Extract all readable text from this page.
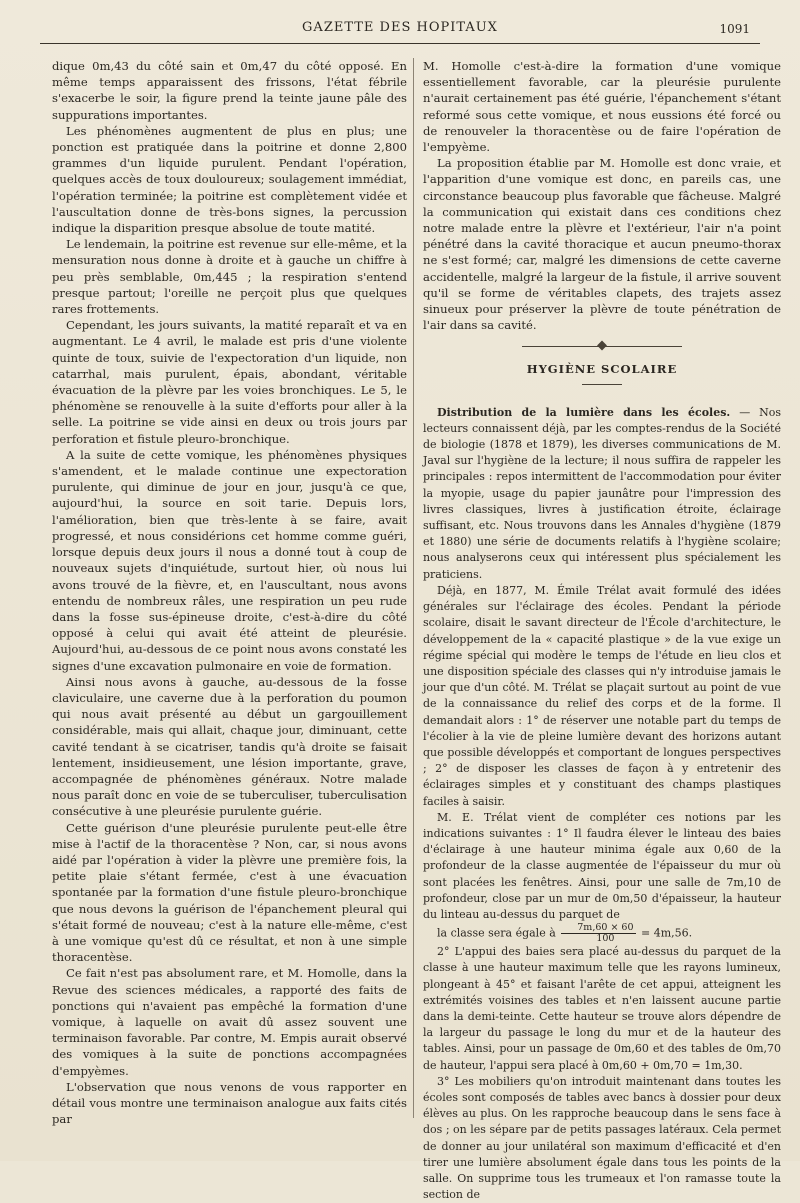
GAZETTE DES HOPITAUX	1091

dique 0m,43 du côté sain et 0m,47 du côté opposé. En même temps apparaissent des frissons, l'état fébrile s'exacerbe le soir, la figure prend la teinte jaune pâle des suppurations importantes.

Les phénomènes augmentent de plus en plus; une ponction est pratiquée dans la poitrine et donne 2,800 grammes d'un liquide purulent. Pendant l'opération, quelques accès de toux douloureux; soulagement immédiat, l'opération terminée; la poitrine est complètement vidée et l'auscultation donne de très-bons signes, la percussion indique la disparition presque absolue de toute matité.

Le lendemain, la poitrine est revenue sur elle-même, et la mensuration nous donne à droite et à gauche un chiffre à peu près semblable, 0m,445 ; la respiration s'entend presque partout; l'oreille ne perçoit plus que quelques rares frottements.

Cependant, les jours suivants, la matité reparaît et va en augmentant. Le 4 avril, le malade est pris d'une violente quinte de toux, suivie de l'expectoration d'un liquide, non catarrhal, mais purulent, épais, abondant, véritable évacuation de la plèvre par les voies bronchiques. Le 5, le phénomène se renouvelle à la suite d'efforts pour aller à la selle. La poitrine se vide ainsi en deux ou trois jours par perforation et fistule pleuro-bronchique.

A la suite de cette vomique, les phénomènes physiques s'amendent, et le malade continue une expectoration purulente, qui diminue de jour en jour, jusqu'à ce que, aujourd'hui, la source en soit tarie. Depuis lors, l'amélioration, bien que très-lente à se faire, avait progressé, et nous considérions cet homme comme guéri, lorsque depuis deux jours il nous a donné tout à coup de nouveaux sujets d'inquiétude, surtout hier, où nous lui avons trouvé de la fièvre, et, en l'auscultant, nous avons entendu de nombreux râles, une respiration un peu rude dans la fosse sus-épineuse droite, c'est-à-dire du côté opposé à celui qui avait été atteint de pleurésie. Aujourd'hui, au-dessous de ce point nous avons constaté les signes d'une excavation pulmonaire en voie de formation.

Ainsi nous avons à gauche, au-dessous de la fosse claviculaire, une caverne due à la perforation du poumon qui nous avait présenté au début un gargouillement considérable, mais qui allait, chaque jour, diminuant, cette cavité tendant à se cicatriser, tandis qu'à droite se faisait lentement, insidieusement, une lésion importante, grave, accompagnée de phénomènes généraux. Notre malade nous paraît donc en voie de se tuberculiser, tuberculisation consécutive à une pleurésie purulente guérie.

Cette guérison d'une pleurésie purulente peut-elle être mise à l'actif de la thoracentèse ? Non, car, si nous avons aidé par l'opération à vider la plèvre une première fois, la petite plaie s'étant fermée, c'est à une évacuation spontanée par la formation d'une fistule pleuro-bronchique que nous devons la guérison de l'épanchement pleural qui s'était formé de nouveau; c'est à la nature elle-même, c'est à une vomique qu'est dû ce résultat, et non à une simple thoracentèse.

Ce fait n'est pas absolument rare, et M. Homolle, dans la Revue des sciences médicales, a rapporté des faits de ponctions qui n'avaient pas empêché la formation d'une vomique, à laquelle on avait dû assez souvent une terminaison favorable. Par contre, M. Empis aurait observé des vomiques à la suite de ponctions accompagnées d'empyèmes.

L'observation que nous venons de vous rapporter en détail vous montre une terminaison analogue aux faits cités par

M. Homolle c'est-à-dire la formation d'une vomique essentiellement favorable, car la pleurésie purulente n'aurait certainement pas été guérie, l'épanchement s'étant reformé sous cette vomique, et nous eussions été forcé ou de renouveler la thoracentèse ou de faire l'opération de l'empyème.

La proposition établie par M. Homolle est donc vraie, et l'apparition d'une vomique est donc, en pareils cas, une circonstance beaucoup plus favorable que fâcheuse. Malgré la communication qui existait dans ces conditions chez notre malade entre la plèvre et l'extérieur, l'air n'a point pénétré dans la cavité thoracique et aucun pneumo-thorax ne s'est formé; car, malgré les dimensions de cette caverne accidentelle, malgré la largeur de la fistule, il arrive souvent qu'il se forme de véritables clapets, des trajets assez sinueux pour préserver la plèvre de toute pénétration de l'air dans sa cavité.

HYGIÈNE SCOLAIRE

Distribution de la lumière dans les écoles. — Nos lecteurs connaissent déjà, par les comptes-rendus de la Société de biologie (1878 et 1879), les diverses communications de M. Javal sur l'hygiène de la lecture; il nous suffira de rappeler les principales : repos intermittent de l'accommodation pour éviter la myopie, usage du papier jaunâtre pour l'impression des livres classiques, livres à justification étroite, éclairage suffisant, etc. Nous trouvons dans les Annales d'hygiène (1879 et 1880) une série de documents relatifs à l'hygiène scolaire; nous analyserons ceux qui intéressent plus spécialement les praticiens.

Déjà, en 1877, M. Émile Trélat avait formulé des idées générales sur l'éclairage des écoles. Pendant la période scolaire, disait le savant directeur de l'École d'architecture, le développement de la « capacité plastique » de la vue exige un régime spécial qui modère le temps de l'étude en lieu clos et une disposition spéciale des classes qui n'y introduise jamais le jour que d'un côté. M. Trélat se plaçait surtout au point de vue de la connaissance du relief des corps et de la forme. Il demandait alors : 1° de réserver une notable part du temps de l'écolier à la vie de pleine lumière devant des horizons autant que possible développés et comportant de longues perspectives ; 2° de disposer les classes de façon à y entretenir des éclairages simples et y constituant des champs plastiques faciles à saisir.

M. E. Trélat vient de compléter ces notions par les indications suivantes : 1° Il faudra élever le linteau des baies d'éclairage à une hauteur minima égale aux 0,60 de la profondeur de la classe augmentée de l'épaisseur du mur où sont placées les fenêtres. Ainsi, pour une salle de 7m,10 de profondeur, close par un mur de 0m,50 d'épaisseur, la hauteur du linteau au-dessus du parquet de

la classe sera égale à $\frac{7m,60 \times 60}{100} = 4m,56$.

2° L'appui des baies sera placé au-dessus du parquet de la classe à une hauteur maximum telle que les rayons lumineux, plongeant à 45° et faisant l'arête de cet appui, atteignent les extrémités voisines des tables et n'en laissent aucune partie dans la demi-teinte. Cette hauteur se trouve alors dépendre de la largeur du passage le long du mur et de la hauteur des tables. Ainsi, pour un passage de 0m,60 et des tables de 0m,70 de hauteur, l'appui sera placé à 0m,60 + 0m,70 = 1m,30.

3° Les mobiliers qu'on introduit maintenant dans toutes les écoles sont composés de tables avec bancs à dossier pour deux élèves au plus. On les rapproche beaucoup dans le sens face à dos ; on les sépare par de petits passages latéraux. Cela permet de donner au jour unilatéral son maximum d'efficacité et d'en tirer une lumière absolument égale dans tous les points de la salle. On supprime tous les trumeaux et l'on ramasse toute la section de
